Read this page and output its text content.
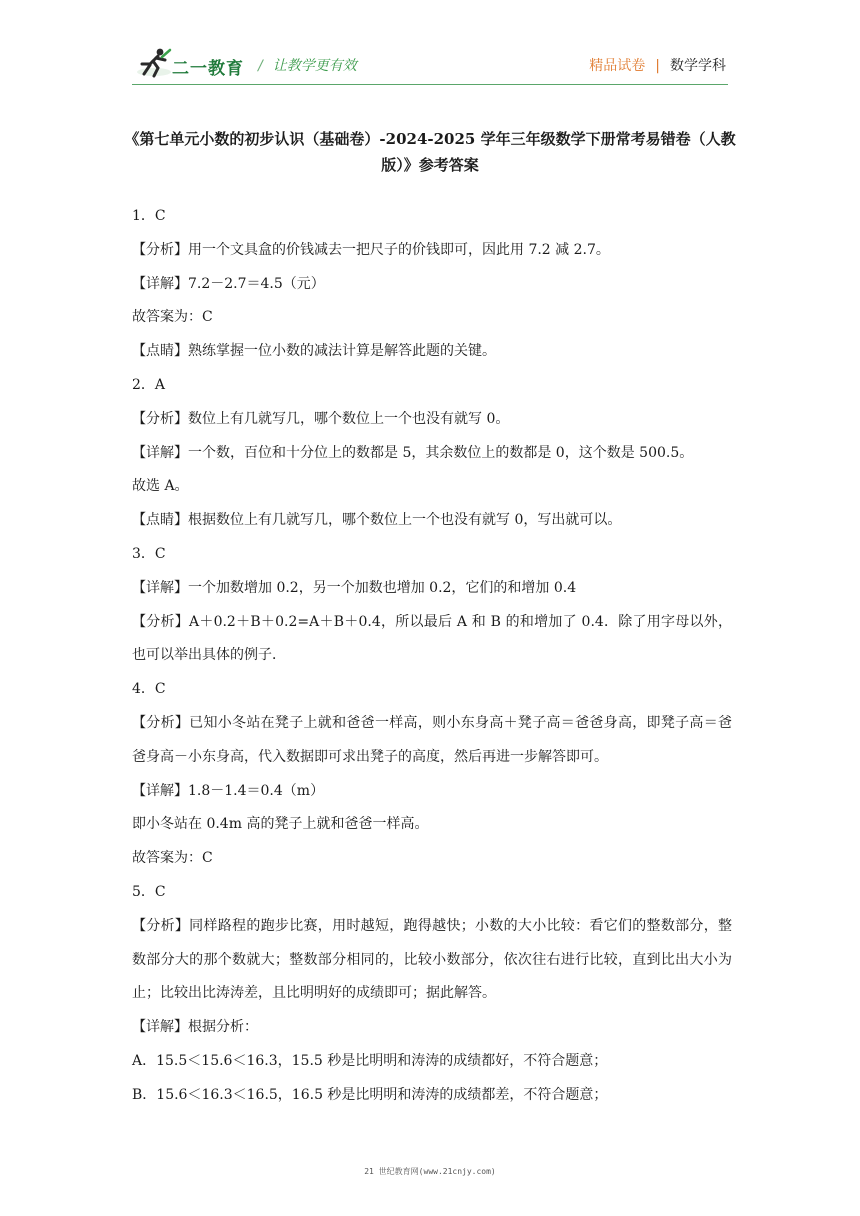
二一教育 / 让教学更有效	精品试卷 | 数学学科
《第七单元小数的初步认识（基础卷）-2024-2025 学年三年级数学下册常考易错卷（人教版）》参考答案

1．C

【分析】用一个文具盒的价钱减去一把尺子的价钱即可，因此用 7.2 减 2.7。

【详解】7.2－2.7＝4.5（元）

故答案为：C

【点睛】熟练掌握一位小数的减法计算是解答此题的关键。

2．A

【分析】数位上有几就写几，哪个数位上一个也没有就写 0。

【详解】一个数，百位和十分位上的数都是 5，其余数位上的数都是 0，这个数是 500.5。

故选 A。

【点睛】根据数位上有几就写几，哪个数位上一个也没有就写 0，写出就可以。

3．C

【详解】一个加数增加 0.2，另一个加数也增加 0.2，它们的和增加 0.4

【分析】A＋0.2＋B＋0.2=A＋B＋0.4，所以最后 A 和 B 的和增加了 0.4．除了用字母以外，也可以举出具体的例子．

4．C

【分析】已知小冬站在凳子上就和爸爸一样高，则小东身高＋凳子高＝爸爸身高，即凳子高＝爸爸身高－小东身高，代入数据即可求出凳子的高度，然后再进一步解答即可。

【详解】1.8－1.4＝0.4（m）

即小冬站在 0.4m 高的凳子上就和爸爸一样高。

故答案为：C

5．C

【分析】同样路程的跑步比赛，用时越短，跑得越快；小数的大小比较：看它们的整数部分，整数部分大的那个数就大；整数部分相同的，比较小数部分，依次往右进行比较，直到比出大小为止；比较出比涛涛差，且比明明好的成绩即可；据此解答。

【详解】根据分析：

A．15.5＜15.6＜16.3，15.5 秒是比明明和涛涛的成绩都好，不符合题意；

B．15.6＜16.3＜16.5，16.5 秒是比明明和涛涛的成绩都差，不符合题意；

21 世纪教育网(www.21cnjy.com)
